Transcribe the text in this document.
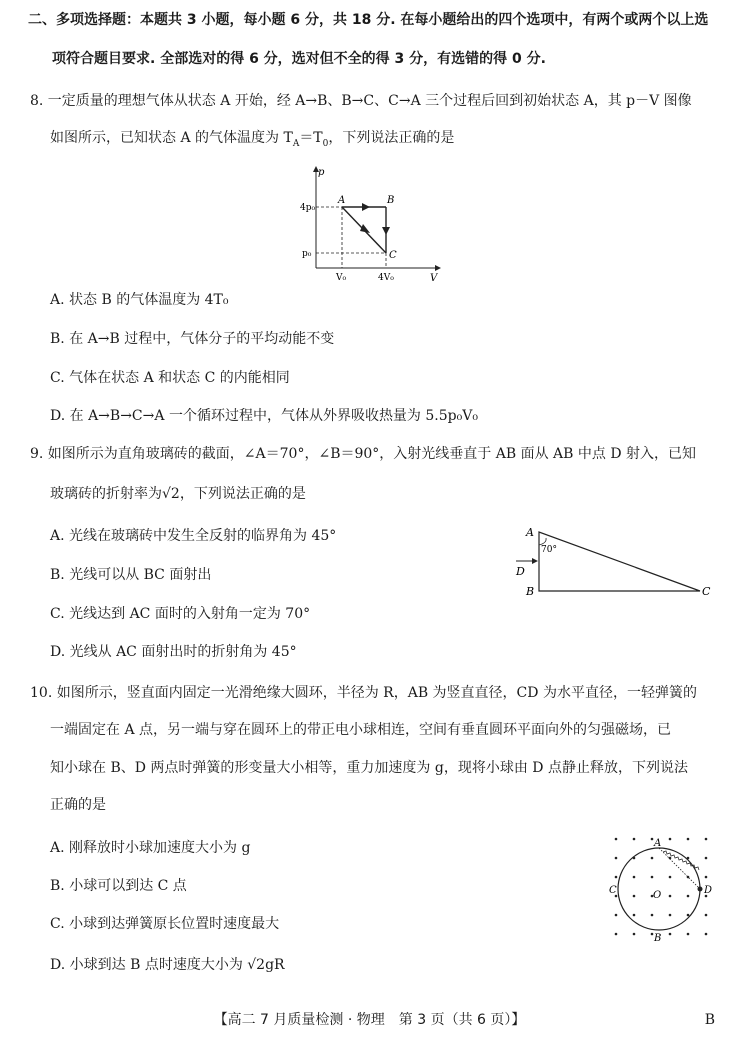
二、多项选择题：本题共 3 小题，每小题 6 分，共 18 分. 在每小题给出的四个选项中，有两个或两个以上选
项符合题目要求. 全部选对的得 6 分，选对但不全的得 3 分，有选错的得 0 分.
8. 一定质量的理想气体从状态 A 开始，经 A→B、B→C、C→A 三个过程后回到初始状态 A，其 p－V 图像
如图所示，已知状态 A 的气体温度为 $T_A=T_0$，下列说法正确的是
p
V
A	B
C
4p₀
p₀
V₀	4V₀
A. 状态 B 的气体温度为 4T₀
B. 在 A→B 过程中，气体分子的平均动能不变
C. 气体在状态 A 和状态 C 的内能相同
D. 在 A→B→C→A 一个循环过程中，气体从外界吸收热量为 5.5p₀V₀
9. 如图所示为直角玻璃砖的截面，∠A＝70°，∠B＝90°，入射光线垂直于 AB 面从 AB 中点 D 射入，已知
玻璃砖的折射率为√2，下列说法正确的是
A. 光线在玻璃砖中发生全反射的临界角为 45°
B. 光线可以从 BC 面射出
C. 光线达到 AC 面时的入射角一定为 70°
D. 光线从 AC 面射出时的折射角为 45°
A
B	C
D
70°
10. 如图所示，竖直面内固定一光滑绝缘大圆环，半径为 R，AB 为竖直直径，CD 为水平直径，一轻弹簧的
一端固定在 A 点，另一端与穿在圆环上的带正电小球相连，空间有垂直圆环平面向外的匀强磁场，已
知小球在 B、D 两点时弹簧的形变量大小相等，重力加速度为 g，现将小球由 D 点静止释放，下列说法
正确的是
A. 刚释放时小球加速度大小为 g
B. 小球可以到达 C 点
C. 小球到达弹簧原长位置时速度最大
D. 小球到达 B 点时速度大小为 √2gR
A
B
C	D
O
【高二 7 月质量检测 · 物理　第 3 页（共 6 页）】	B
